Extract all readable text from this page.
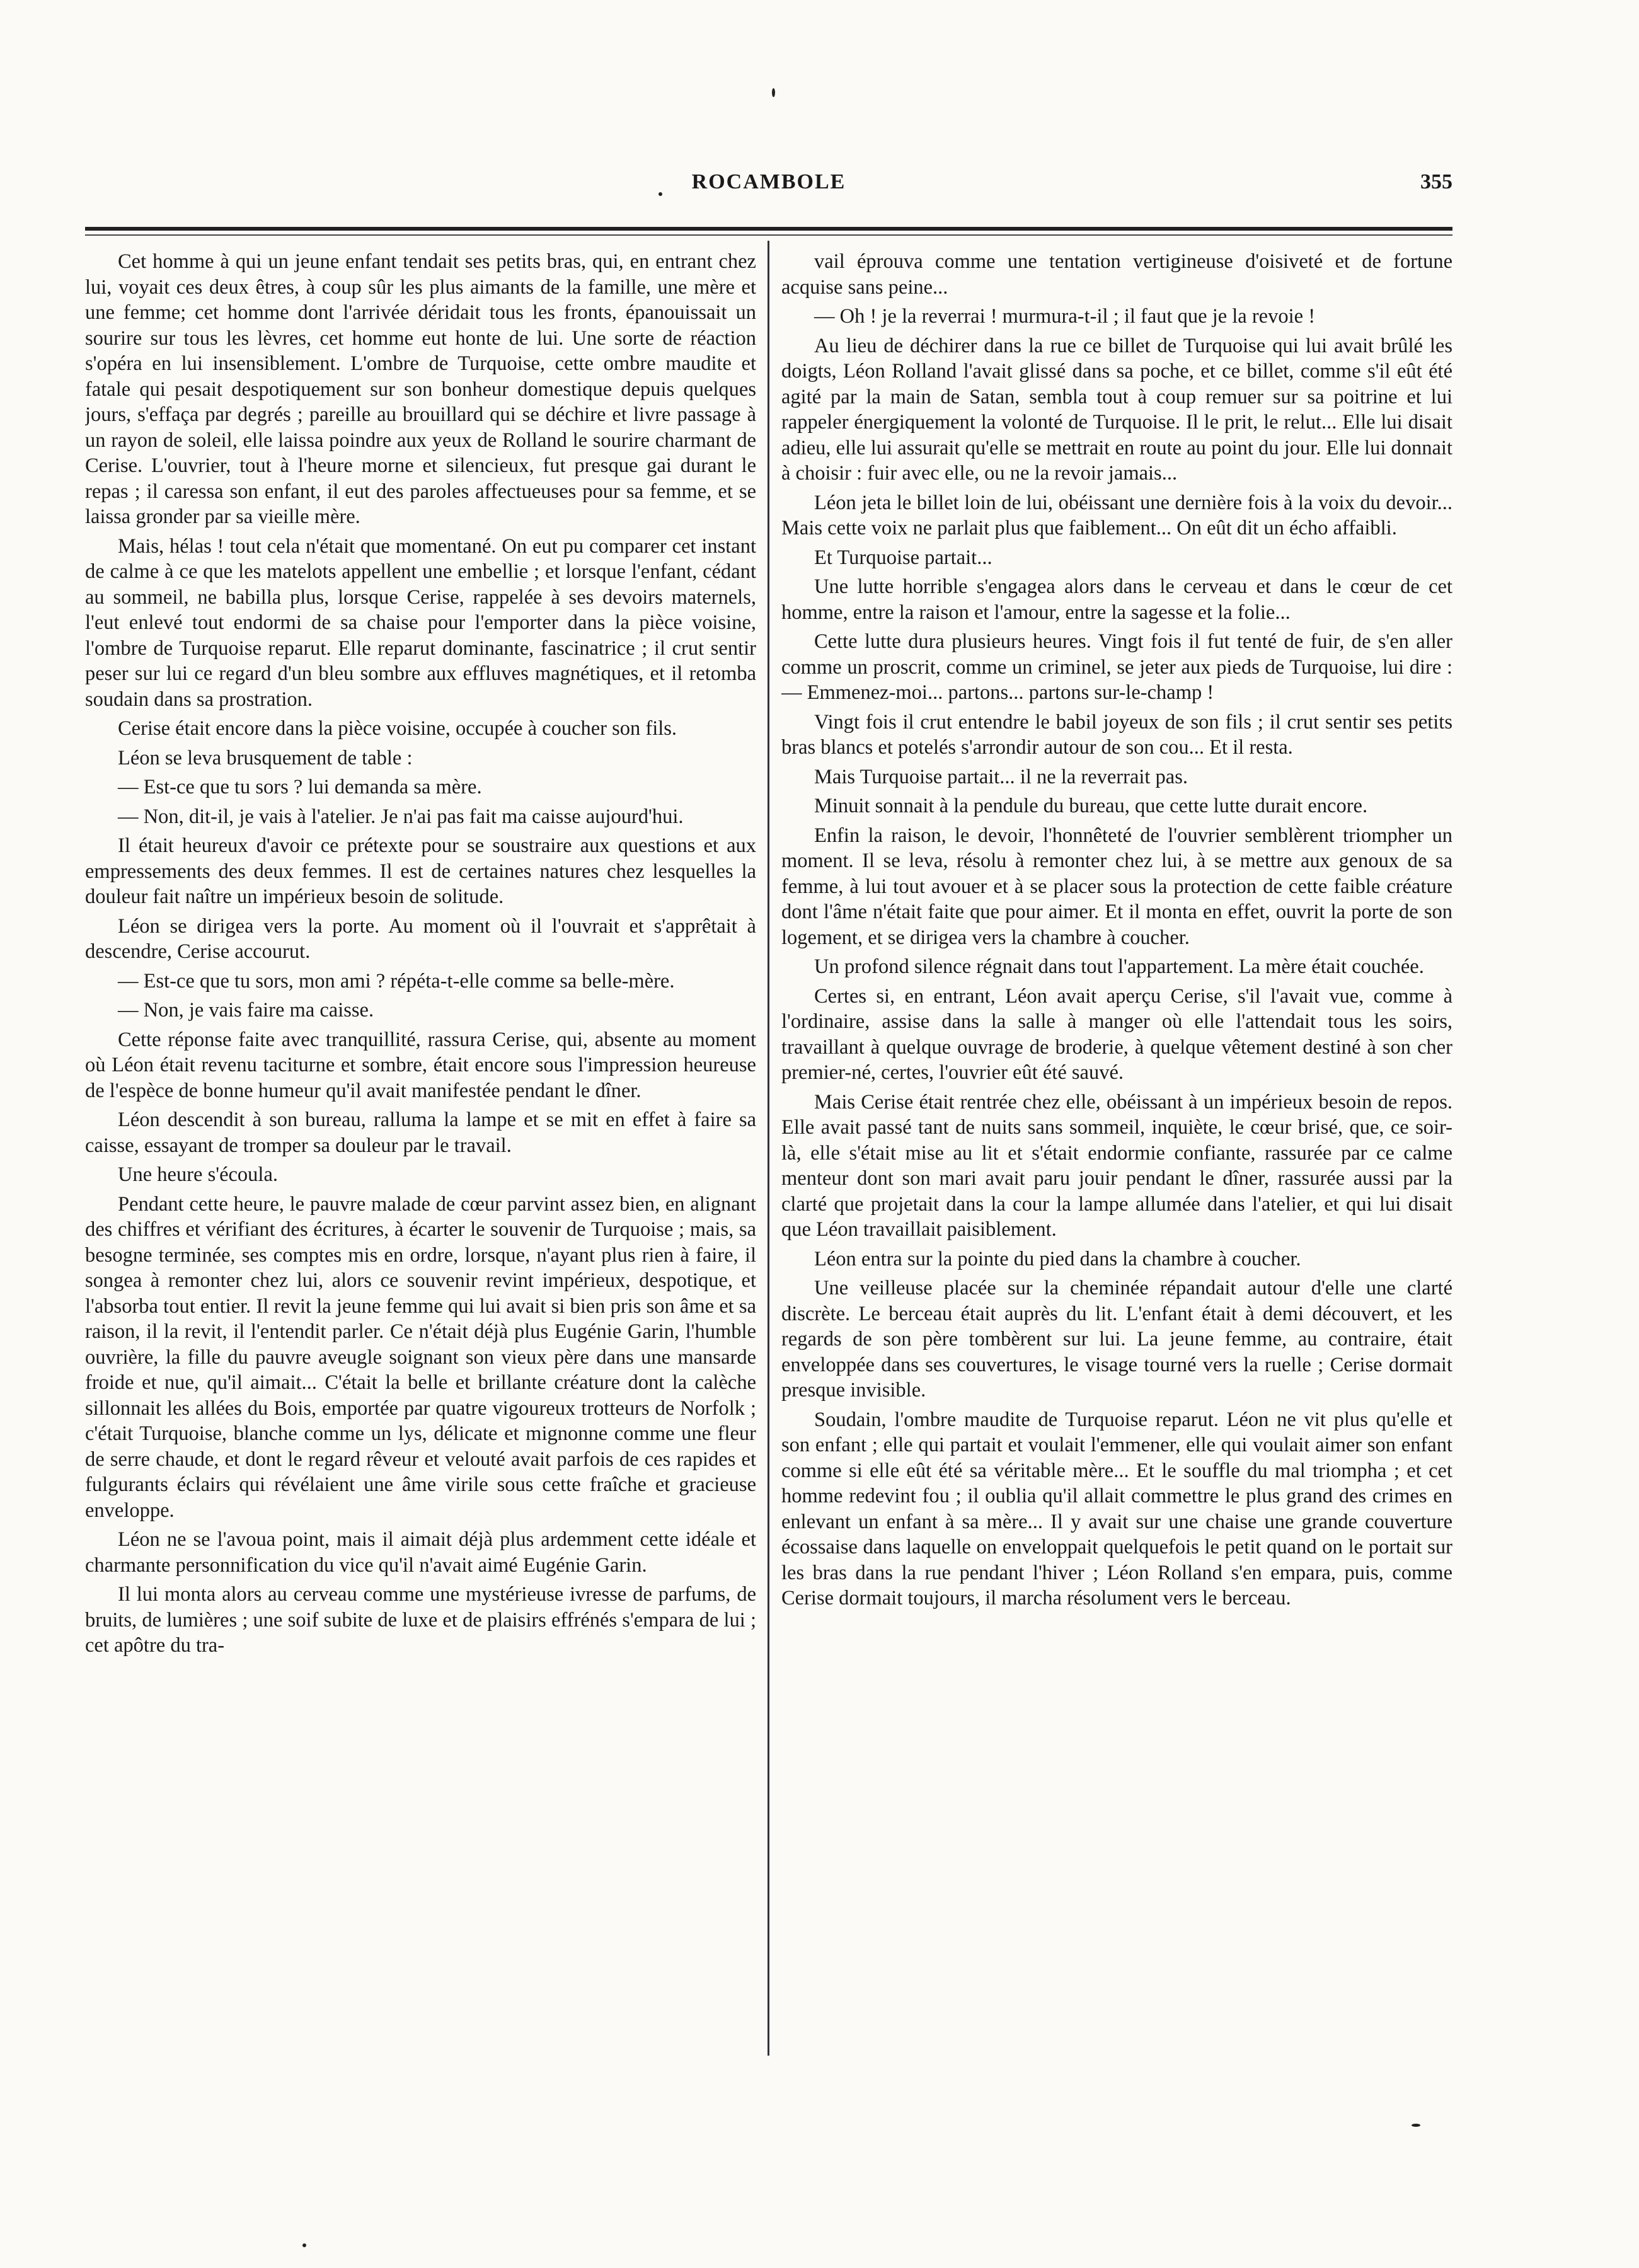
ROCAMBOLE	355

Cet homme à qui un jeune enfant tendait ses petits bras, qui, en entrant chez lui, voyait ces deux êtres, à coup sûr les plus aimants de la famille, une mère et une femme; cet homme dont l'arrivée déridait tous les fronts, épanouissait un sourire sur tous les lèvres, cet homme eut honte de lui. Une sorte de réaction s'opéra en lui insensiblement. L'ombre de Turquoise, cette ombre maudite et fatale qui pesait despotiquement sur son bonheur domestique depuis quelques jours, s'effaça par degrés ; pareille au brouillard qui se déchire et livre passage à un rayon de soleil, elle laissa poindre aux yeux de Rolland le sourire charmant de Cerise. L'ouvrier, tout à l'heure morne et silencieux, fut presque gai durant le repas ; il caressa son enfant, il eut des paroles affectueuses pour sa femme, et se laissa gronder par sa vieille mère.

Mais, hélas ! tout cela n'était que momentané. On eut pu comparer cet instant de calme à ce que les matelots appellent une embellie ; et lorsque l'enfant, cédant au sommeil, ne babilla plus, lorsque Cerise, rappelée à ses devoirs maternels, l'eut enlevé tout endormi de sa chaise pour l'emporter dans la pièce voisine, l'ombre de Turquoise reparut. Elle reparut dominante, fascinatrice ; il crut sentir peser sur lui ce regard d'un bleu sombre aux effluves magnétiques, et il retomba soudain dans sa prostration.

Cerise était encore dans la pièce voisine, occupée à coucher son fils.

Léon se leva brusquement de table :

— Est-ce que tu sors ? lui demanda sa mère.

— Non, dit-il, je vais à l'atelier. Je n'ai pas fait ma caisse aujourd'hui.

Il était heureux d'avoir ce prétexte pour se soustraire aux questions et aux empressements des deux femmes. Il est de certaines natures chez lesquelles la douleur fait naître un impérieux besoin de solitude.

Léon se dirigea vers la porte. Au moment où il l'ouvrait et s'apprêtait à descendre, Cerise accourut.

— Est-ce que tu sors, mon ami ? répéta-t-elle comme sa belle-mère.

— Non, je vais faire ma caisse.

Cette réponse faite avec tranquillité, rassura Cerise, qui, absente au moment où Léon était revenu taciturne et sombre, était encore sous l'impression heureuse de l'espèce de bonne humeur qu'il avait manifestée pendant le dîner.

Léon descendit à son bureau, ralluma la lampe et se mit en effet à faire sa caisse, essayant de tromper sa douleur par le travail.

Une heure s'écoula.

Pendant cette heure, le pauvre malade de cœur parvint assez bien, en alignant des chiffres et vérifiant des écritures, à écarter le souvenir de Turquoise ; mais, sa besogne terminée, ses comptes mis en ordre, lorsque, n'ayant plus rien à faire, il songea à remonter chez lui, alors ce souvenir revint impérieux, despotique, et l'absorba tout entier. Il revit la jeune femme qui lui avait si bien pris son âme et sa raison, il la revit, il l'entendit parler. Ce n'était déjà plus Eugénie Garin, l'humble ouvrière, la fille du pauvre aveugle soignant son vieux père dans une mansarde froide et nue, qu'il aimait... C'était la belle et brillante créature dont la calèche sillonnait les allées du Bois, emportée par quatre vigoureux trotteurs de Norfolk ; c'était Turquoise, blanche comme un lys, délicate et mignonne comme une fleur de serre chaude, et dont le regard rêveur et velouté avait parfois de ces rapides et fulgurants éclairs qui révélaient une âme virile sous cette fraîche et gracieuse enveloppe.

Léon ne se l'avoua point, mais il aimait déjà plus ardemment cette idéale et charmante personnification du vice qu'il n'avait aimé Eugénie Garin.

Il lui monta alors au cerveau comme une mystérieuse ivresse de parfums, de bruits, de lumières ; une soif subite de luxe et de plaisirs effrénés s'empara de lui ; cet apôtre du tra-

vail éprouva comme une tentation vertigineuse d'oisiveté et de fortune acquise sans peine...

— Oh ! je la reverrai ! murmura-t-il ; il faut que je la revoie !

Au lieu de déchirer dans la rue ce billet de Turquoise qui lui avait brûlé les doigts, Léon Rolland l'avait glissé dans sa poche, et ce billet, comme s'il eût été agité par la main de Satan, sembla tout à coup remuer sur sa poitrine et lui rappeler énergiquement la volonté de Turquoise. Il le prit, le relut... Elle lui disait adieu, elle lui assurait qu'elle se mettrait en route au point du jour. Elle lui donnait à choisir : fuir avec elle, ou ne la revoir jamais...

Léon jeta le billet loin de lui, obéissant une dernière fois à la voix du devoir... Mais cette voix ne parlait plus que faiblement... On eût dit un écho affaibli.

Et Turquoise partait...

Une lutte horrible s'engagea alors dans le cerveau et dans le cœur de cet homme, entre la raison et l'amour, entre la sagesse et la folie...

Cette lutte dura plusieurs heures. Vingt fois il fut tenté de fuir, de s'en aller comme un proscrit, comme un criminel, se jeter aux pieds de Turquoise, lui dire : — Emmenez-moi... partons... partons sur-le-champ !

Vingt fois il crut entendre le babil joyeux de son fils ; il crut sentir ses petits bras blancs et potelés s'arrondir autour de son cou... Et il resta.

Mais Turquoise partait... il ne la reverrait pas.

Minuit sonnait à la pendule du bureau, que cette lutte durait encore.

Enfin la raison, le devoir, l'honnêteté de l'ouvrier semblèrent triompher un moment. Il se leva, résolu à remonter chez lui, à se mettre aux genoux de sa femme, à lui tout avouer et à se placer sous la protection de cette faible créature dont l'âme n'était faite que pour aimer. Et il monta en effet, ouvrit la porte de son logement, et se dirigea vers la chambre à coucher.

Un profond silence régnait dans tout l'appartement. La mère était couchée.

Certes si, en entrant, Léon avait aperçu Cerise, s'il l'avait vue, comme à l'ordinaire, assise dans la salle à manger où elle l'attendait tous les soirs, travaillant à quelque ouvrage de broderie, à quelque vêtement destiné à son cher premier-né, certes, l'ouvrier eût été sauvé.

Mais Cerise était rentrée chez elle, obéissant à un impérieux besoin de repos. Elle avait passé tant de nuits sans sommeil, inquiète, le cœur brisé, que, ce soir-là, elle s'était mise au lit et s'était endormie confiante, rassurée par ce calme menteur dont son mari avait paru jouir pendant le dîner, rassurée aussi par la clarté que projetait dans la cour la lampe allumée dans l'atelier, et qui lui disait que Léon travaillait paisiblement.

Léon entra sur la pointe du pied dans la chambre à coucher.

Une veilleuse placée sur la cheminée répandait autour d'elle une clarté discrète. Le berceau était auprès du lit. L'enfant était à demi découvert, et les regards de son père tombèrent sur lui. La jeune femme, au contraire, était enveloppée dans ses couvertures, le visage tourné vers la ruelle ; Cerise dormait presque invisible.

Soudain, l'ombre maudite de Turquoise reparut. Léon ne vit plus qu'elle et son enfant ; elle qui partait et voulait l'emmener, elle qui voulait aimer son enfant comme si elle eût été sa véritable mère... Et le souffle du mal triompha ; et cet homme redevint fou ; il oublia qu'il allait commettre le plus grand des crimes en enlevant un enfant à sa mère... Il y avait sur une chaise une grande couverture écossaise dans laquelle on enveloppait quelquefois le petit quand on le portait sur les bras dans la rue pendant l'hiver ; Léon Rolland s'en empara, puis, comme Cerise dormait toujours, il marcha résolument vers le berceau.
